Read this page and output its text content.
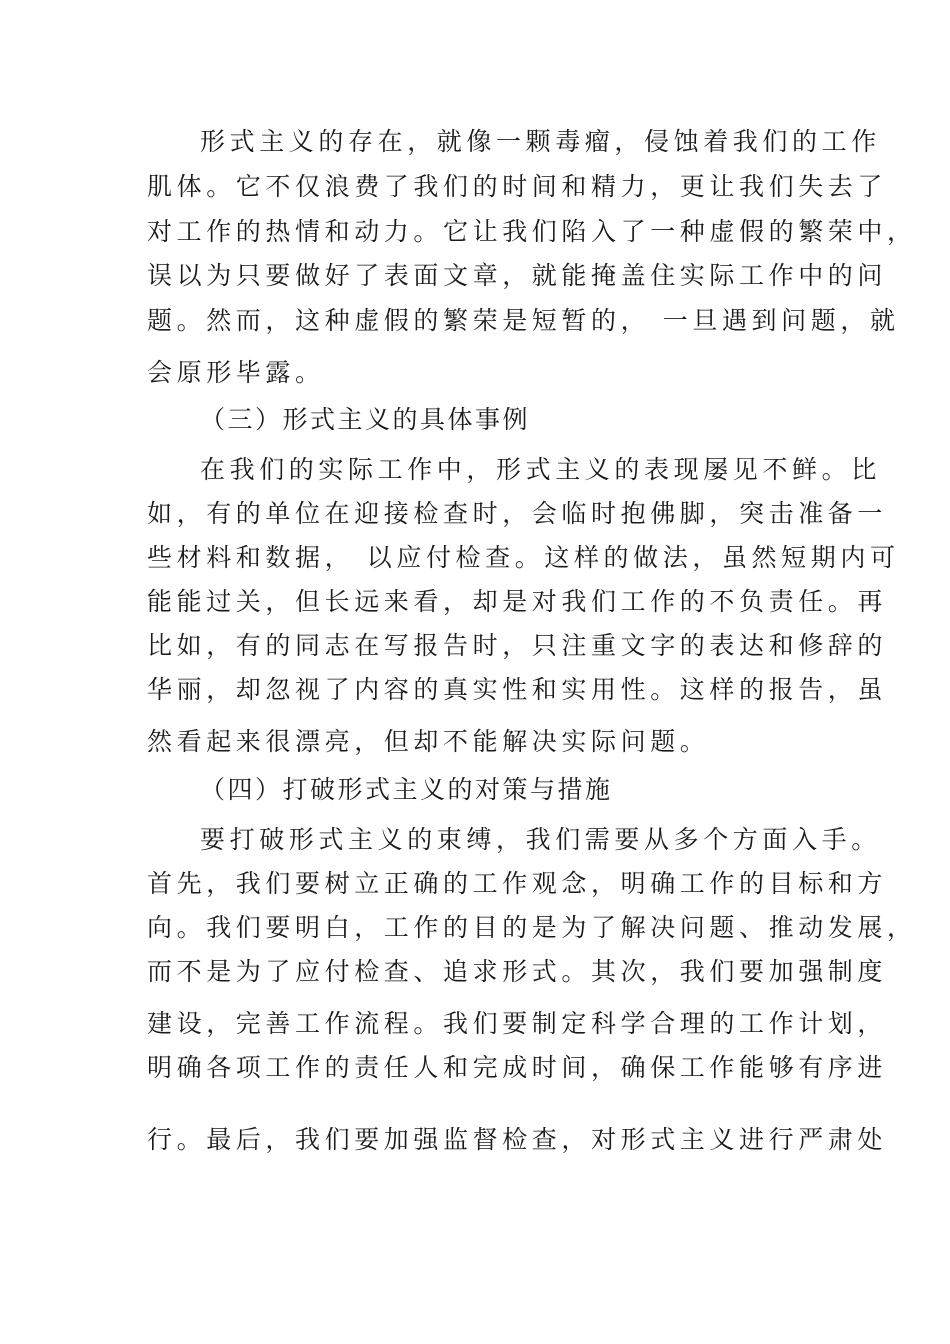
形式主义的存在，就像一颗毒瘤，侵蚀着我们的工作
肌体。它不仅浪费了我们的时间和精力，更让我们失去了
对工作的热情和动力。它让我们陷入了一种虚假的繁荣中，
误以为只要做好了表面文章，就能掩盖住实际工作中的问
题。然而，这种虚假的繁荣是短暂的， 一旦遇到问题，就
会原形毕露。
（三）形式主义的具体事例
在我们的实际工作中，形式主义的表现屡见不鲜。比
如，有的单位在迎接检查时，会临时抱佛脚，突击准备一
些材料和数据， 以应付检查。这样的做法，虽然短期内可
能能过关，但长远来看，却是对我们工作的不负责任。再
比如，有的同志在写报告时，只注重文字的表达和修辞的
华丽，却忽视了内容的真实性和实用性。这样的报告，虽
然看起来很漂亮，但却不能解决实际问题。
（四）打破形式主义的对策与措施
要打破形式主义的束缚，我们需要从多个方面入手。
首先，我们要树立正确的工作观念，明确工作的目标和方
向。我们要明白，工作的目的是为了解决问题、推动发展，
而不是为了应付检查、追求形式。其次，我们要加强制度
建设，完善工作流程。我们要制定科学合理的工作计划，
明确各项工作的责任人和完成时间，确保工作能够有序进
行。最后，我们要加强监督检查，对形式主义进行严肃处
